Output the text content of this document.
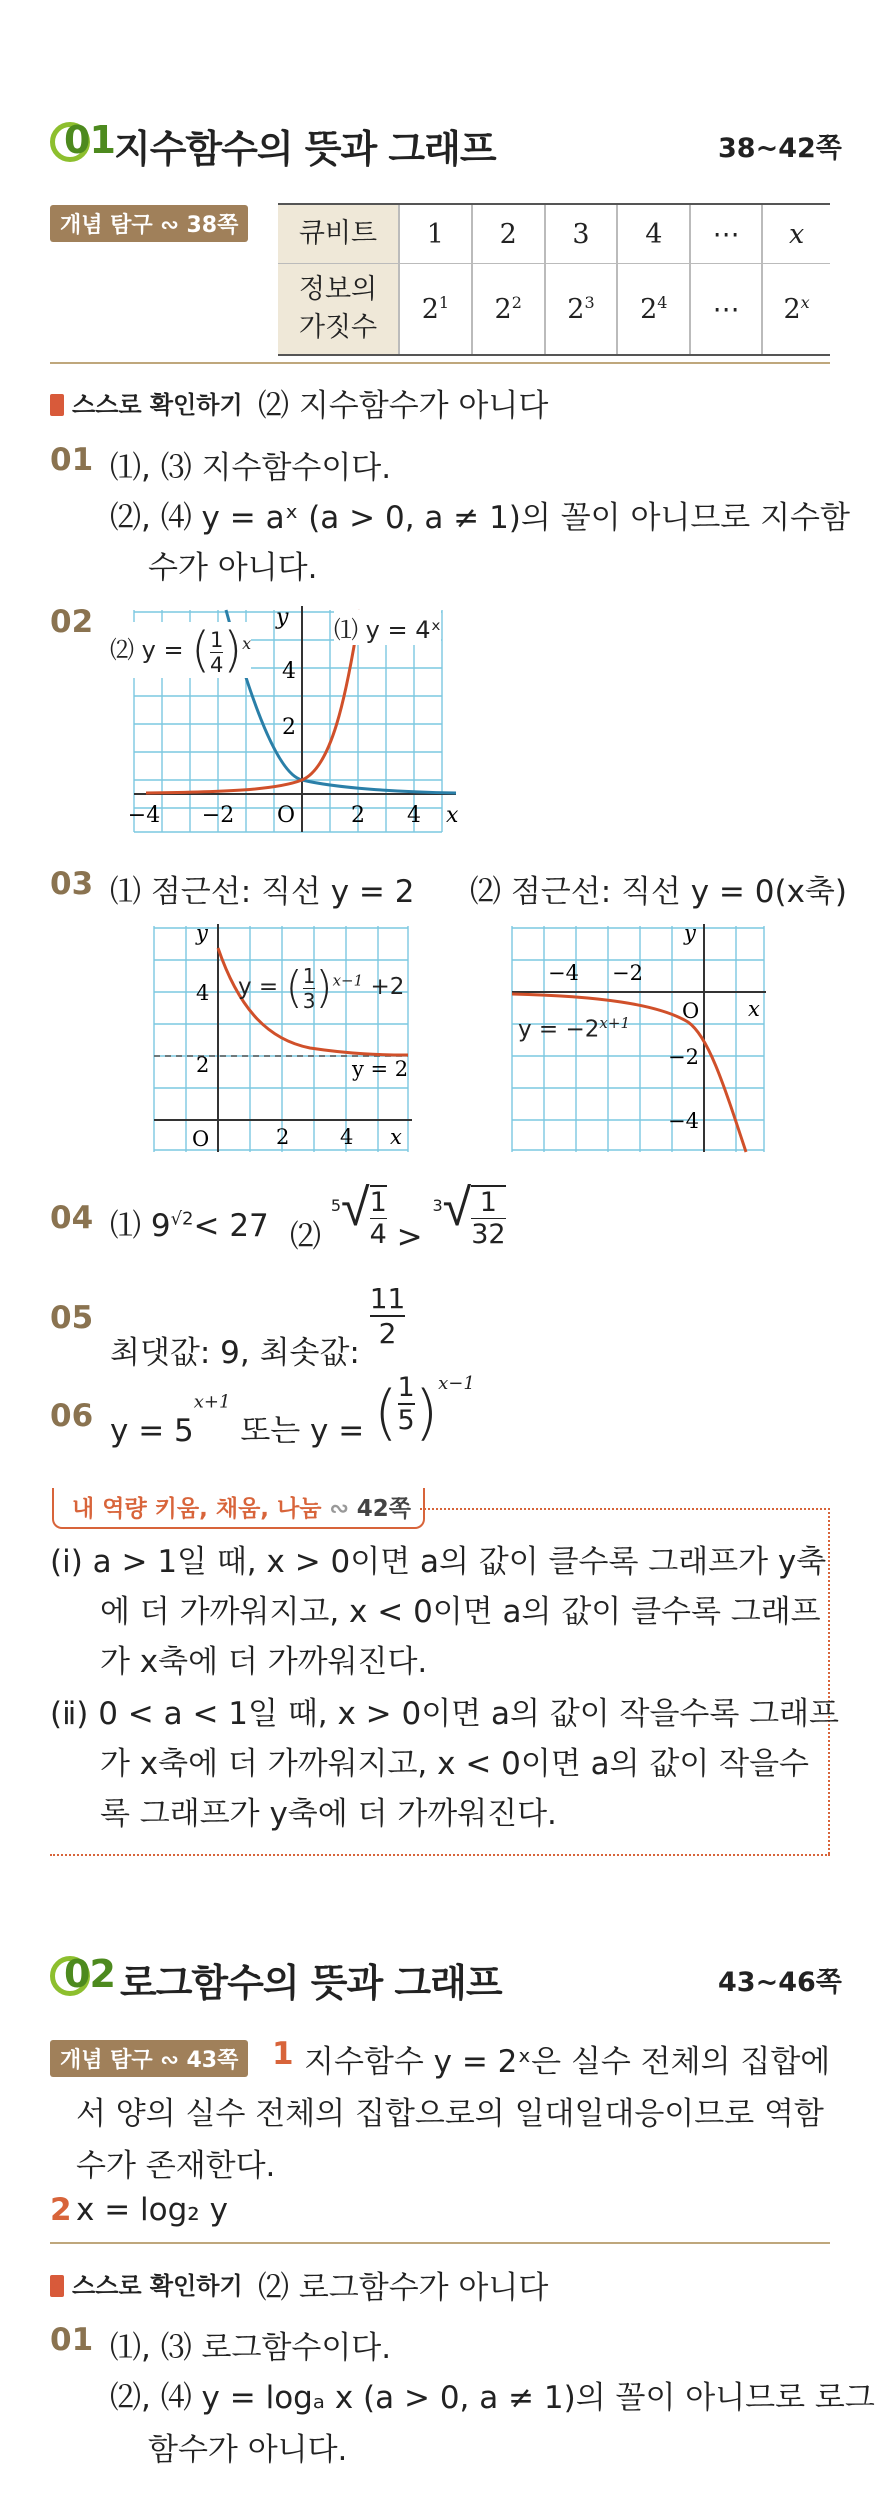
01 지수함수의 뜻과 그래프	38~42쪽
개념 탐구 ∾ 38쪽	큐비트	1	2	3	4	⋯	x
정보의
가짓수	$2^1$	$2^2$	$2^3$	$2^4$	⋯	2$^x$
스스로 확인하기 ⑵ 지수함수가 아니다
01 ⑴, ⑶ 지수함수이다.
⑵, ⑷ y = aˣ (a > 0, a ≠ 1)의 꼴이 아니므로 지수함
수가 아니다.
02
−4 −2 O	2 4 x
4
2
y
⑵ y = ( $\frac{1}{4} )^x$	⑴ y = 4ˣ
03 ⑴ 점근선: 직선 y = 2 ⑵ 점근선: 직선 y = 0(x축)
4
2
O	2 4 x
y
y = 2
y = ( $\frac{1}{3} )^{x-1} +2$
−4 −2
O x
−2
−4
y
$y = -2^{x+1}$
04 ⑴ $9^{√2}< 27$ ⑵ $^5√ \frac{1}{4} > ^3√ \frac{1}{32}$
05
최댓값: 9, 최솟값:
$\frac{11}{2}$
06 $y = 5^{x+1}$ 또는 y = ( $\frac{1}{5} )^{x-1}$
내 역량 키움, 채움, 나눔 ∾ 42쪽
(ⅰ) a > 1일 때, x > 0이면 a의 값이 클수록 그래프가 y축
에 더 가까워지고, x < 0이면 a의 값이 클수록 그래프
가 x축에 더 가까워진다.
(ⅱ) 0 < a < 1일 때, x > 0이면 a의 값이 작을수록 그래프
가 x축에 더 가까워지고, x < 0이면 a의 값이 작을수
록 그래프가 y축에 더 가까워진다.
02 로그함수의 뜻과 그래프	43~46쪽
개념 탐구 ∾ 43쪽	1 지수함수 y = 2ˣ은 실수 전체의 집합에
서 양의 실수 전체의 집합으로의 일대일대응이므로 역함
수가 존재한다.
2 x = log₂ y
스스로 확인하기 ⑵ 로그함수가 아니다
01 ⑴, ⑶ 로그함수이다.
⑵, ⑷ y = logₐ x (a > 0, a ≠ 1)의 꼴이 아니므로 로그
함수가 아니다.
